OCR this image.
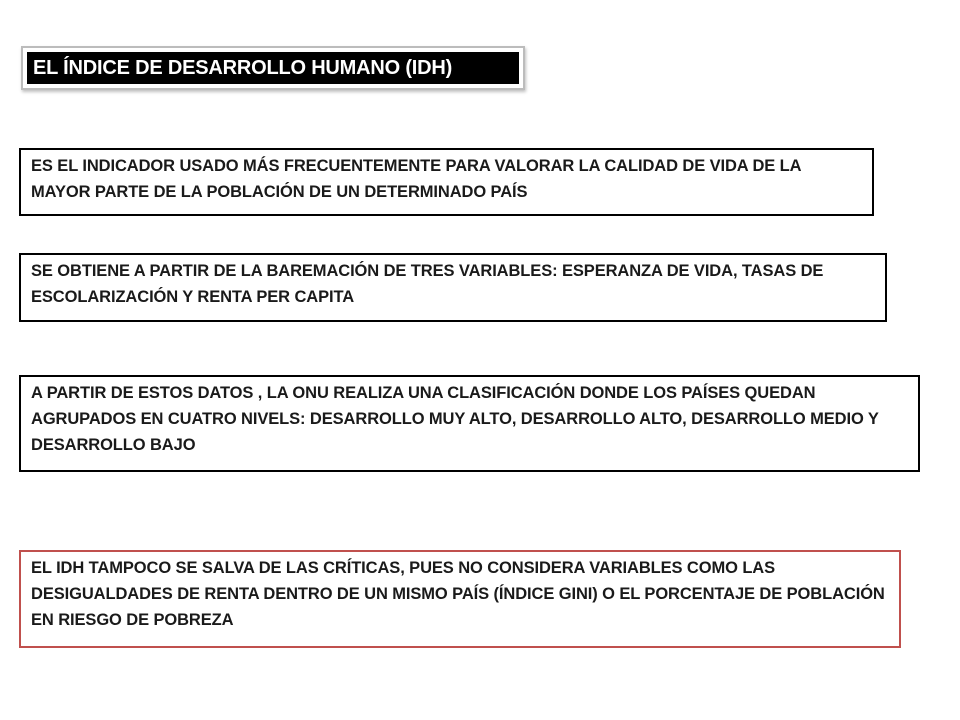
EL ÍNDICE DE DESARROLLO HUMANO (IDH)
ES EL INDICADOR USADO MÁS FRECUENTEMENTE PARA VALORAR LA CALIDAD DE VIDA DE LA MAYOR PARTE DE LA POBLACIÓN DE UN DETERMINADO PAÍS
SE OBTIENE A PARTIR DE LA BAREMACIÓN DE TRES VARIABLES: ESPERANZA DE VIDA, TASAS DE ESCOLARIZACIÓN Y RENTA PER CAPITA
A PARTIR DE ESTOS DATOS , LA ONU REALIZA UNA CLASIFICACIÓN DONDE LOS PAÍSES QUEDAN AGRUPADOS EN CUATRO NIVELS: DESARROLLO MUY ALTO, DESARROLLO ALTO, DESARROLLO MEDIO Y DESARROLLO BAJO
EL IDH TAMPOCO SE SALVA DE LAS CRÍTICAS, PUES NO CONSIDERA VARIABLES COMO LAS DESIGUALDADES DE RENTA DENTRO DE UN MISMO PAÍS (ÍNDICE GINI) O EL PORCENTAJE DE POBLACIÓN EN RIESGO DE POBREZA
